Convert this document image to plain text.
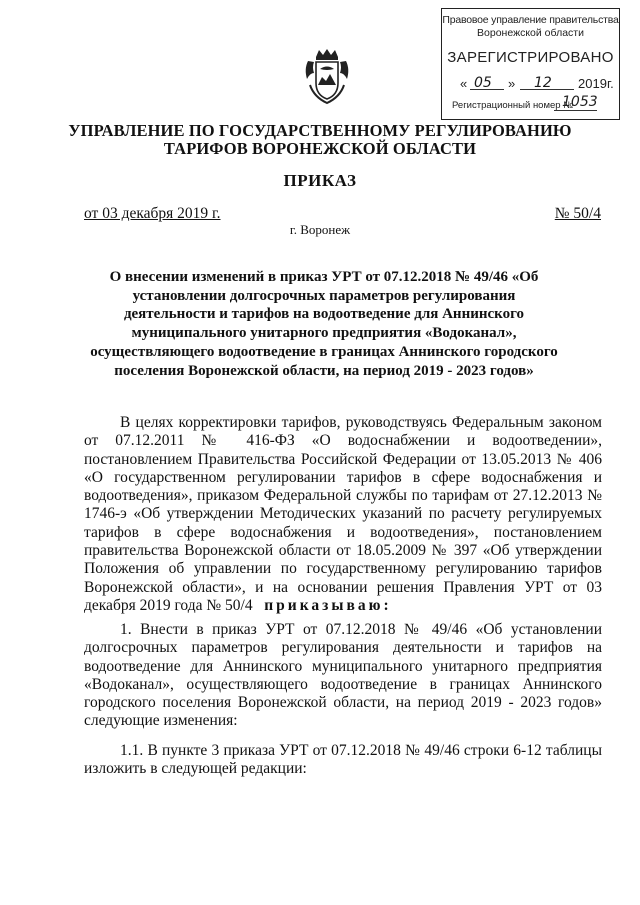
Правовое управление правительства
Воронежской области
ЗАРЕГИСТРИРОВАНО
« 05 » 12 2019 г.
Регистрационный номер №
1053
УПРАВЛЕНИЕ ПО ГОСУДАРСТВЕННОМУ РЕГУЛИРОВАНИЮ
ТАРИФОВ ВОРОНЕЖСКОЙ ОБЛАСТИ
ПРИКАЗ
от 03 декабря 2019 г.	№ 50/4
г. Воронеж
О внесении изменений в приказ УРТ от 07.12.2018 № 49/46 «Об установлении долгосрочных параметров регулирования деятельности и тарифов на водоотведение для Аннинского муниципального унитарного предприятия «Водоканал», осуществляющего водоотведение в границах Аннинского городского поселения Воронежской области, на период 2019 - 2023 годов»
В целях корректировки тарифов, руководствуясь Федеральным законом от 07.12.2011 № 416-ФЗ «О водоснабжении и водоотведении», постановлением Правительства Российской Федерации от 13.05.2013 № 406 «О государственном регулировании тарифов в сфере водоснабжения и водоотведения», приказом Федеральной службы по тарифам от 27.12.2013 № 1746-э «Об утверждении Методических указаний по расчету регулируемых тарифов в сфере водоснабжения и водоотведения», постановлением правительства Воронежской области от 18.05.2009 № 397 «Об утверждении Положения об управлении по государственному регулированию тарифов Воронежской области», и на основании решения Правления УРТ от 03 декабря 2019 года № 50/4 приказываю:
1. Внести в приказ УРТ от 07.12.2018 № 49/46 «Об установлении долгосрочных параметров регулирования деятельности и тарифов на водоотведение для Аннинского муниципального унитарного предприятия «Водоканал», осуществляющего водоотведение в границах Аннинского городского поселения Воронежской области, на период 2019 - 2023 годов» следующие изменения:
1.1. В пункте 3 приказа УРТ от 07.12.2018 № 49/46 строки 6-12 таблицы изложить в следующей редакции:
